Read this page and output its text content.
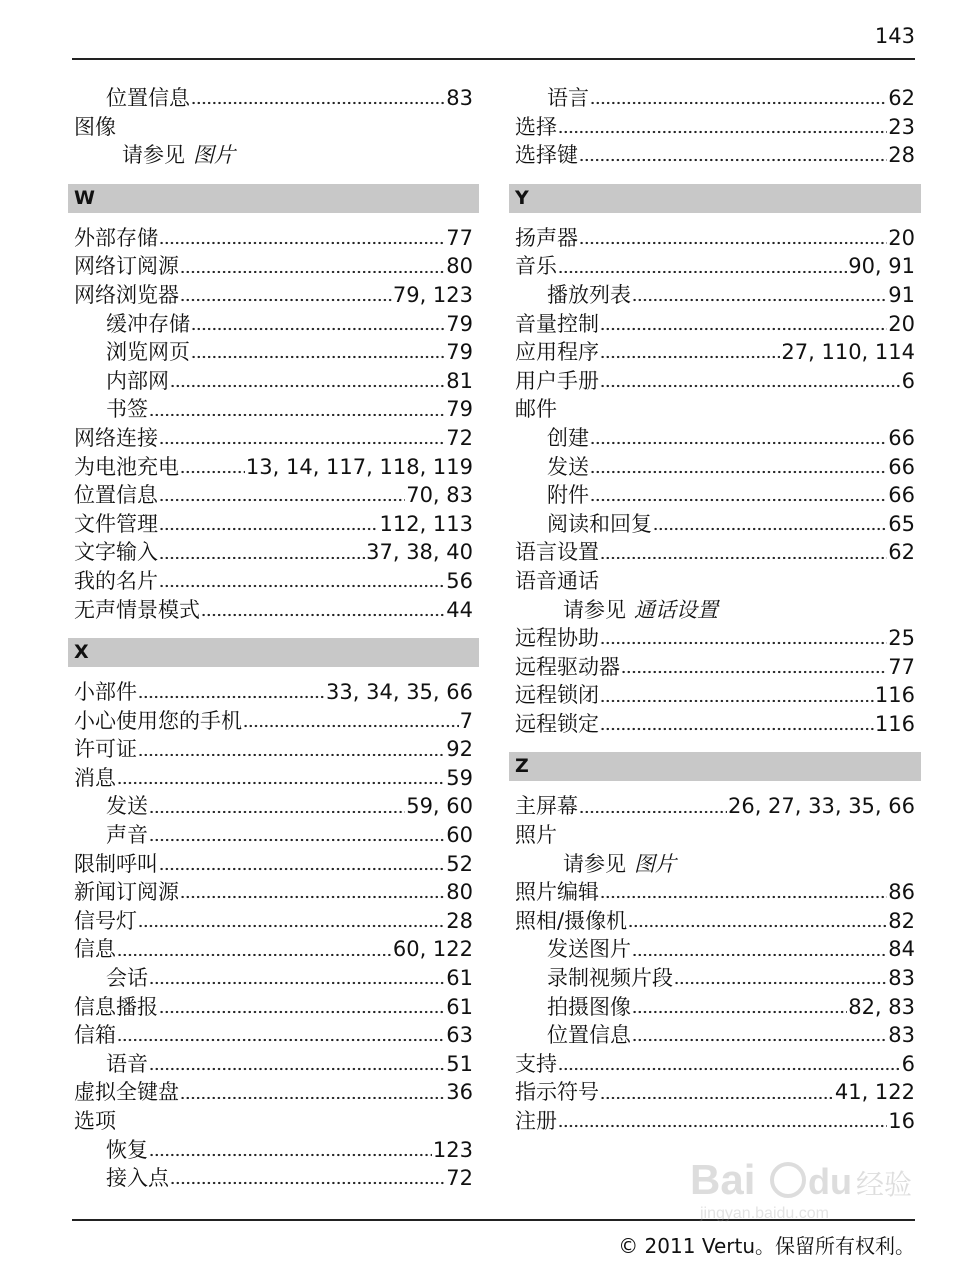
143
位置信息	83
图像
请参见 图片
W
外部存储	77
网络订阅源	80
网络浏览器	79, 123
缓冲存储	79
浏览网页	79
内部网	81
书签	79
网络连接	72
为电池充电	13, 14, 117, 118, 119
位置信息	70, 83
文件管理	112, 113
文字输入	37, 38, 40
我的名片	56
无声情景模式	44
X
小部件	33, 34, 35, 66
小心使用您的手机	7
许可证	92
消息	59
发送	59, 60
声音	60
限制呼叫	52
新闻订阅源	80
信号灯	28
信息	60, 122
会话	61
信息播报	61
信箱	63
语音	51
虚拟全键盘	36
选项
恢复	123
接入点	72
语言	62
选择	23
选择键	28
Y
扬声器	20
音乐	90, 91
播放列表	91
音量控制	20
应用程序	27, 110, 114
用户手册	6
邮件
创建	66
发送	66
附件	66
阅读和回复	65
语言设置	62
语音通话
请参见 通话设置
远程协助	25
远程驱动器	77
远程锁闭	116
远程锁定	116
Z
主屏幕	26, 27, 33, 35, 66
照片
请参见 图片
照片编辑	86
照相/摄像机	82
发送图片	84
录制视频片段	83
拍摄图像	82, 83
位置信息	83
支持	6
指示符号	41, 122
注册	16
© 2011 Vertu。保留所有权利。
Bai du 经验
jingyan.baidu.com
